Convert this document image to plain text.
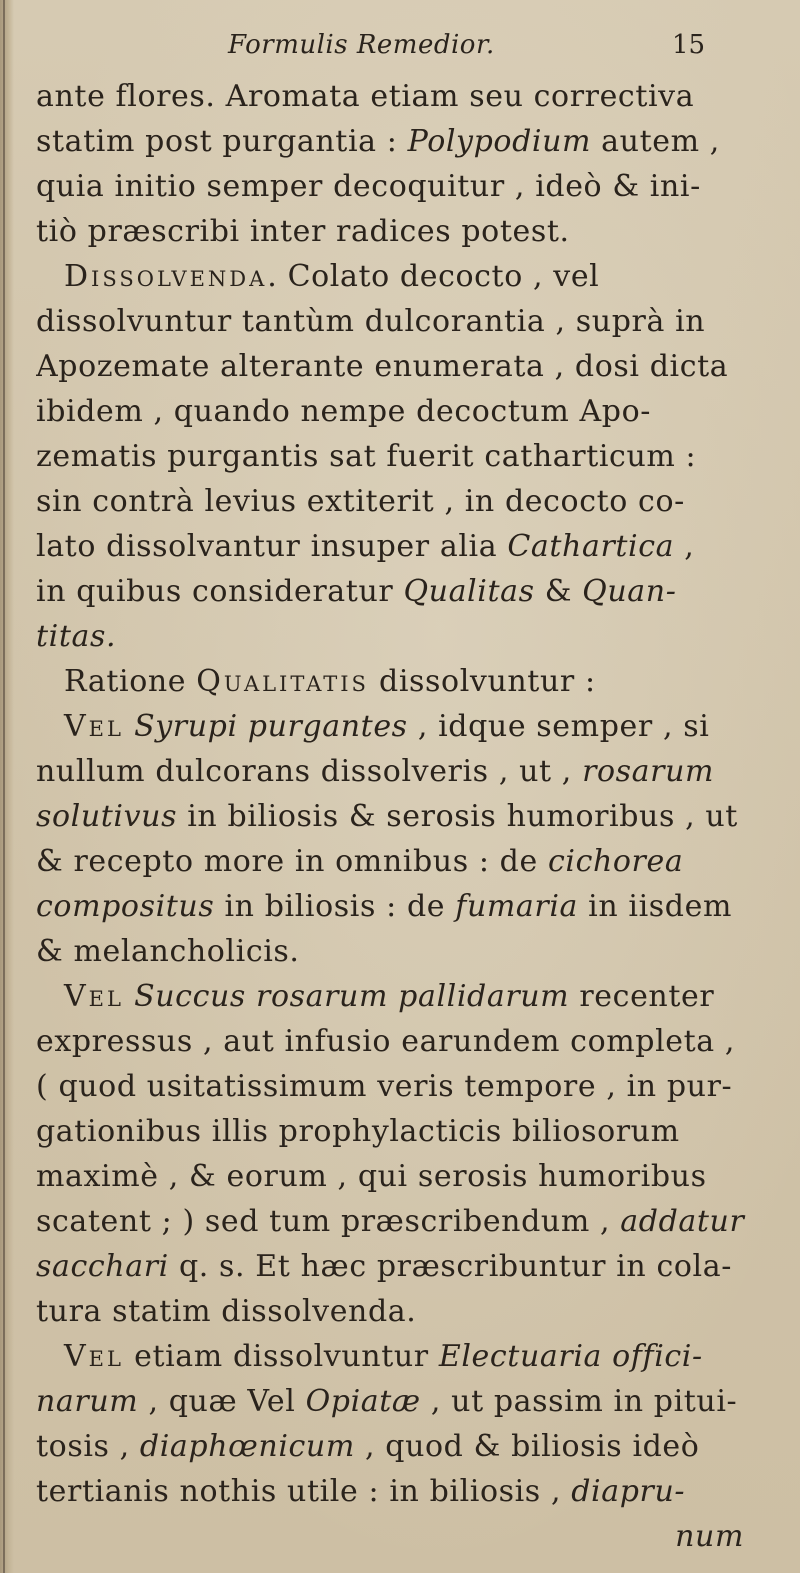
Formulis Remedior.	15
ante flores. Aromata etiam seu correctiva
statim post purgantia : Polypodium autem ,
quia initio semper decoquitur , ideò & ini-
tiò præscribi inter radices potest.
Dissolvenda. Colato decocto , vel
dissolvuntur tantùm dulcorantia , suprà in
Apozemate alterante enumerata , dosi dicta
ibidem , quando nempe decoctum Apo-
zematis purgantis sat fuerit catharticum :
sin contrà levius extiterit , in decocto co-
lato dissolvantur insuper alia Cathartica ,
in quibus consideratur Qualitas & Quan-
titas.
Ratione Qualitatis dissolvuntur :
Vel Syrupi purgantes , idque semper , si
nullum dulcorans dissolveris , ut , rosarum
solutivus in biliosis & serosis humoribus , ut
& recepto more in omnibus : de cichorea
compositus in biliosis : de fumaria in iisdem
& melancholicis.
Vel Succus rosarum pallidarum recenter
expressus , aut infusio earundem completa ,
( quod usitatissimum veris tempore , in pur-
gationibus illis prophylacticis biliosorum
maximè , & eorum , qui serosis humoribus
scatent ; ) sed tum præscribendum , addatur
sacchari q. s. Et hæc præscribuntur in cola-
tura statim dissolvenda.
Vel etiam dissolvuntur Electuaria offici-
narum , quæ Vel Opiatæ , ut passim in pitui-
tosis , diaphœnicum , quod & biliosis ideò
tertianis nothis utile : in biliosis , diapru-
num
